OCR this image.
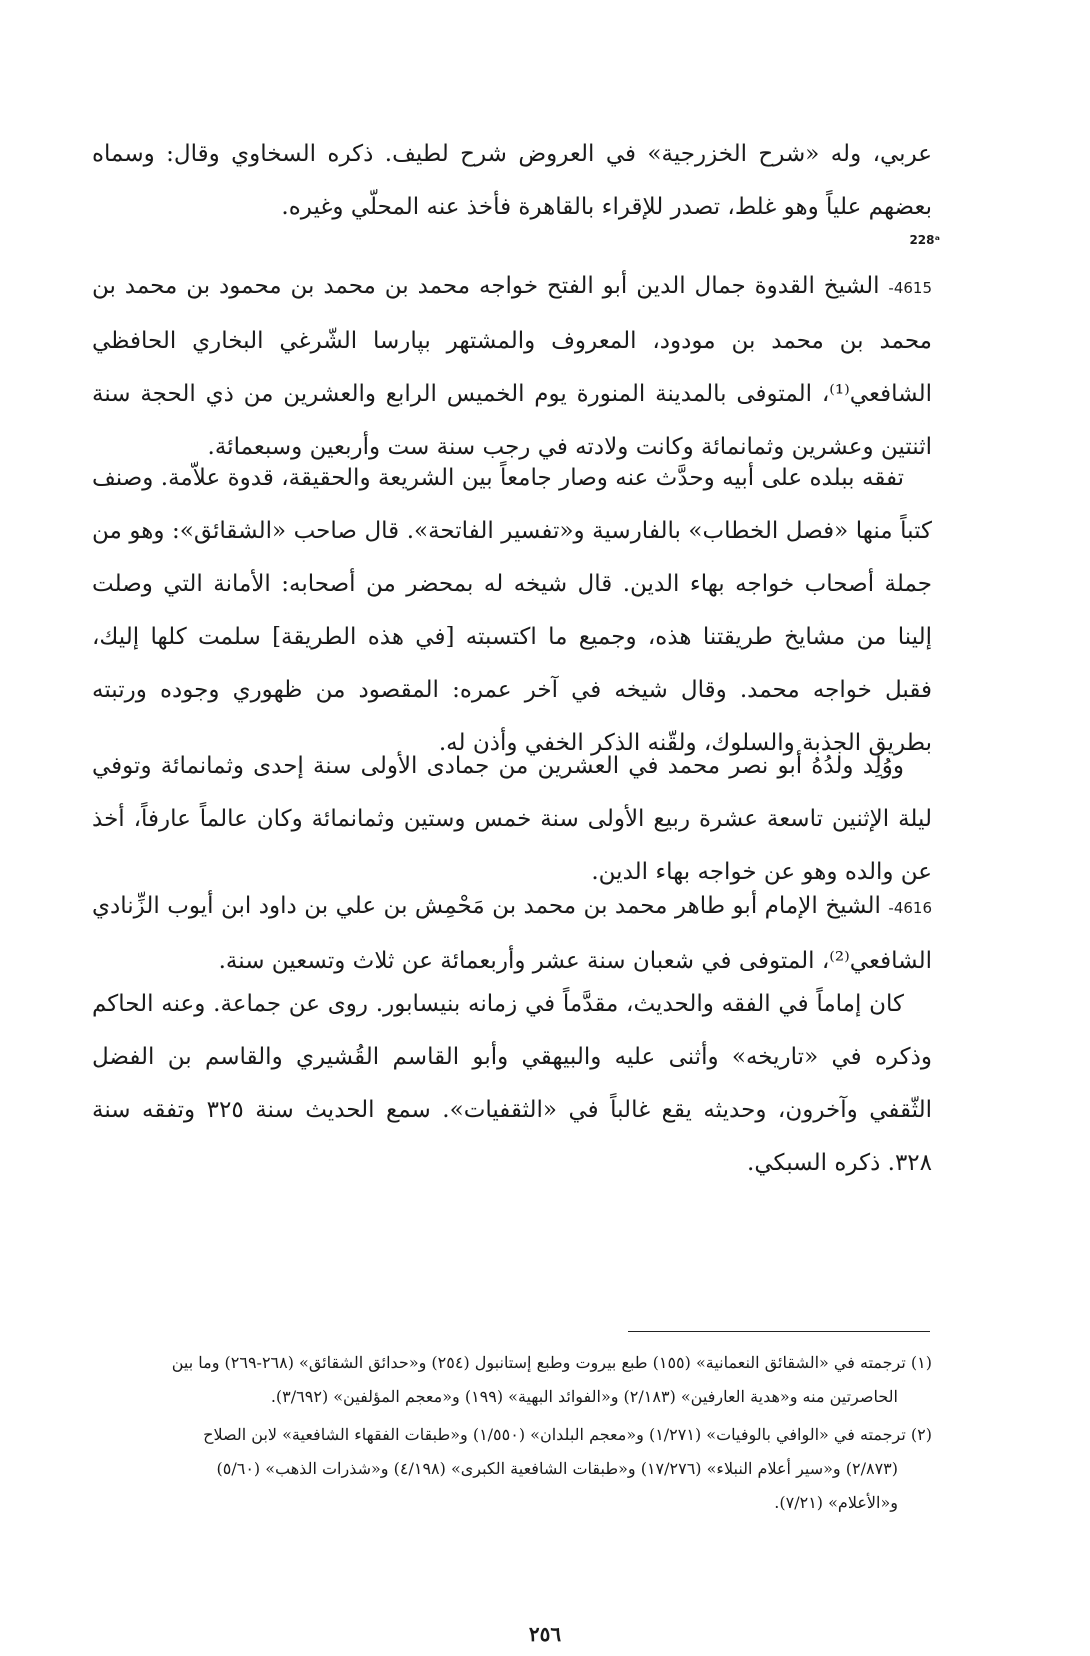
عربي، وله «شرح الخزرجية» في العروض شرح لطيف. ذكره السخاوي وقال: وسماه بعضهم علياً وهو غلط، تصدر للإقراء بالقاهرة فأخذ عنه المحلّي وغيره.

228ᵃ

4615- الشيخ القدوة جمال الدين أبو الفتح خواجه محمد بن محمد بن محمود بن محمد بن محمد بن محمد بن مودود، المعروف والمشتهر بپارسا الشّرغي البخاري الحافظي الشافعي⁽¹⁾، المتوفى بالمدينة المنورة يوم الخميس الرابع والعشرين من ذي الحجة سنة اثنتين وعشرين وثمانمائة وكانت ولادته في رجب سنة ست وأربعين وسبعمائة.

تفقه ببلده على أبيه وحدَّث عنه وصار جامعاً بين الشريعة والحقيقة، قدوة علاّمة. وصنف كتباً منها «فصل الخطاب» بالفارسية و«تفسير الفاتحة». قال صاحب «الشقائق»: وهو من جملة أصحاب خواجه بهاء الدين. قال شيخه له بمحضر من أصحابه: الأمانة التي وصلت إلينا من مشايخ طريقتنا هذه، وجميع ما اكتسبته [في هذه الطريقة] سلمت كلها إليك، فقبل خواجه محمد. وقال شيخه في آخر عمره: المقصود من ظهوري وجوده ورتبته بطريق الجذبة والسلوك، ولقّنه الذكر الخفي وأذن له.

ووُلِد ولدُهُ أبو نصر محمد في العشرين من جمادى الأولى سنة إحدى وثمانمائة وتوفي ليلة الإثنين تاسعة عشرة ربيع الأولى سنة خمس وستين وثمانمائة وكان عالماً عارفاً، أخذ عن والده وهو عن خواجه بهاء الدين.

4616- الشيخ الإمام أبو طاهر محمد بن محمد بن مَحْمِش بن علي بن داود ابن أيوب الزِّنادي الشافعي⁽²⁾، المتوفى في شعبان سنة عشر وأربعمائة عن ثلاث وتسعين سنة.

كان إماماً في الفقه والحديث، مقدَّماً في زمانه بنيسابور. روى عن جماعة. وعنه الحاكم وذكره في «تاريخه» وأثنى عليه والبيهقي وأبو القاسم القُشيري والقاسم بن الفضل الثّقفي وآخرون، وحديثه يقع غالباً في «الثقفيات». سمع الحديث سنة ٣٢٥ وتفقه سنة ٣٢٨. ذكره السبكي.

(١) ترجمته في «الشقائق النعمانية» (١٥٥) طبع بيروت وطبع إستانبول (٢٥٤) و«حدائق الشقائق» (٢٦٨-٢٦٩) وما بين

الحاصرتين منه و«هدية العارفين» (٢/١٨٣) و«الفوائد البهية» (١٩٩) و«معجم المؤلفين» (٣/٦٩٢).

(٢) ترجمته في «الوافي بالوفيات» (١/٢٧١) و«معجم البلدان» (١/٥٥٠) و«طبقات الفقهاء الشافعية» لابن الصلاح

(٢/٨٧٣) و«سير أعلام النبلاء» (١٧/٢٧٦) و«طبقات الشافعية الكبرى» (٤/١٩٨) و«شذرات الذهب» (٥/٦٠)

و«الأعلام» (٧/٢١).

٢٥٦
